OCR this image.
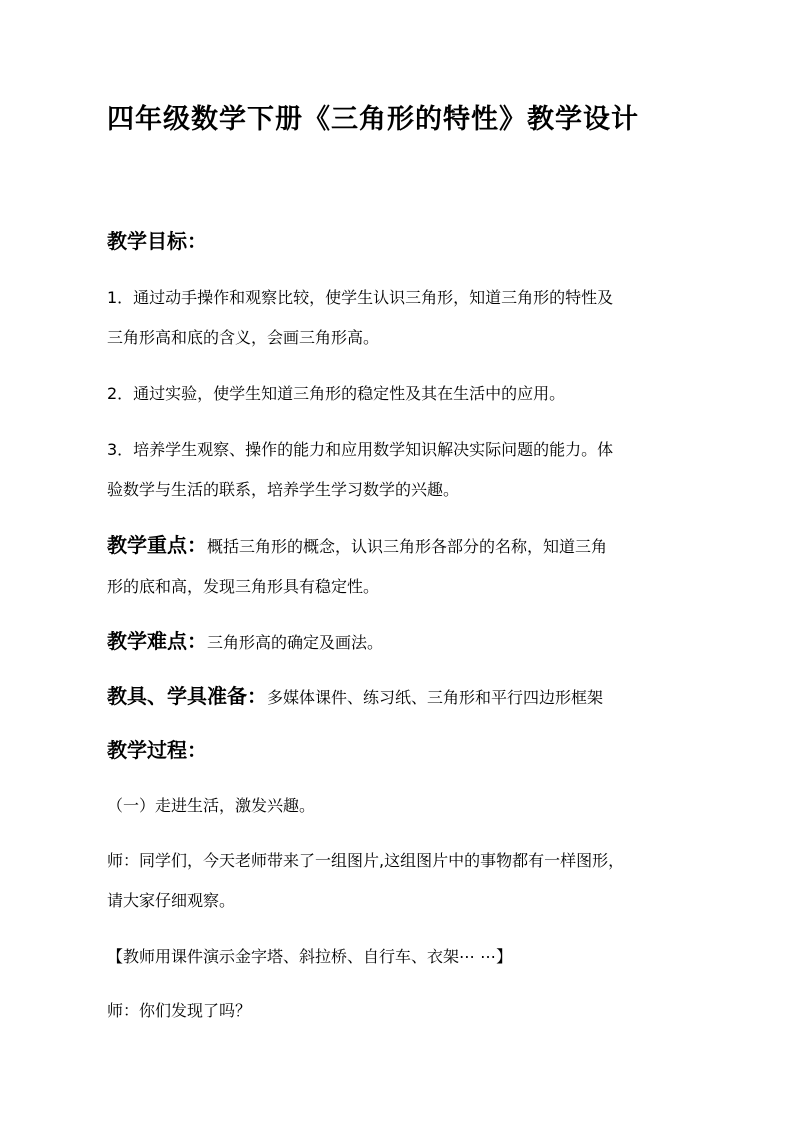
四年级数学下册《三角形的特性》教学设计
教学目标：
1．通过动手操作和观察比较，使学生认识三角形，知道三角形的特性及
三角形高和底的含义，会画三角形高。
2．通过实验，使学生知道三角形的稳定性及其在生活中的应用。
3．培养学生观察、操作的能力和应用数学知识解决实际问题的能力。体
验数学与生活的联系，培养学生学习数学的兴趣。
教学重点：概括三角形的概念，认识三角形各部分的名称，知道三角
形的底和高，发现三角形具有稳定性。
教学难点：三角形高的确定及画法。
教具、学具准备：多媒体课件、练习纸、三角形和平行四边形框架
教学过程：
（一）走进生活，激发兴趣。
师：同学们，今天老师带来了一组图片,这组图片中的事物都有一样图形，
请大家仔细观察。
【教师用课件演示金字塔、斜拉桥、自行车、衣架⋯ ⋯】
师：你们发现了吗？
